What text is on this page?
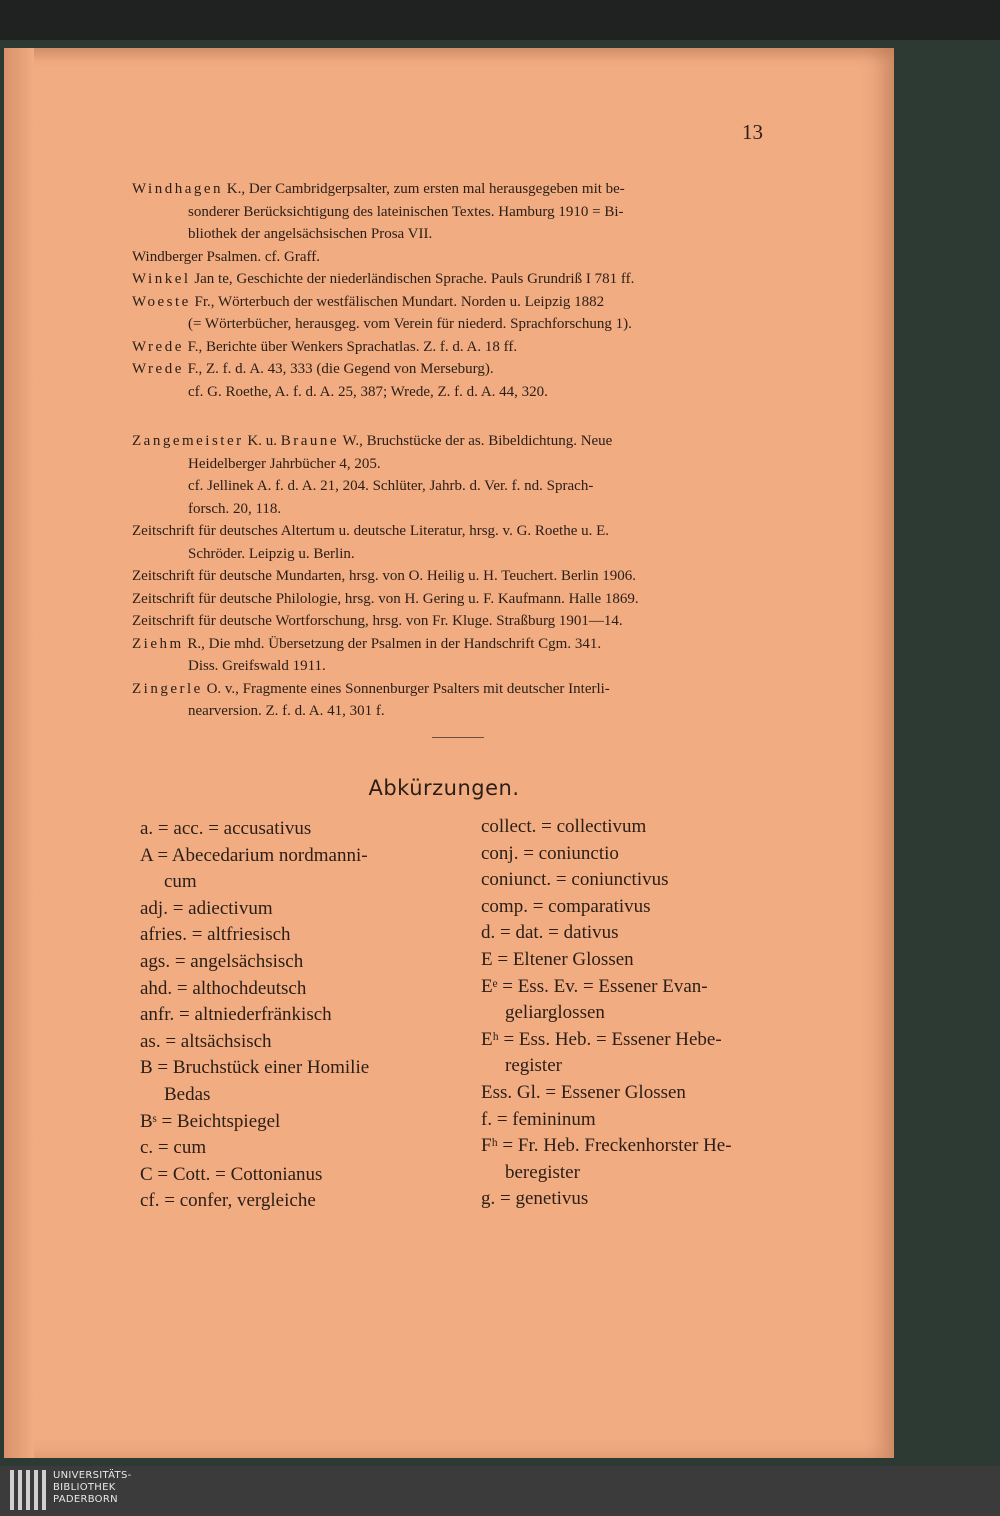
13
Windhagen K., Der Cambridgerpsalter, zum ersten mal herausgegeben mit be-
sonderer Berücksichtigung des lateinischen Textes. Hamburg 1910 = Bi-
bliothek der angelsächsischen Prosa VII.
Windberger Psalmen. cf. Graff.
Winkel Jan te, Geschichte der niederländischen Sprache. Pauls Grundriß I 781 ff.
Woeste Fr., Wörterbuch der westfälischen Mundart. Norden u. Leipzig 1882
(= Wörterbücher, herausgeg. vom Verein für niederd. Sprachforschung 1).
Wrede F., Berichte über Wenkers Sprachatlas. Z. f. d. A. 18 ff.
Wrede F., Z. f. d. A. 43, 333 (die Gegend von Merseburg).
cf. G. Roethe, A. f. d. A. 25, 387; Wrede, Z. f. d. A. 44, 320.
Zangemeister K. u. Braune W., Bruchstücke der as. Bibeldichtung. Neue
Heidelberger Jahrbücher 4, 205.
cf. Jellinek A. f. d. A. 21, 204. Schlüter, Jahrb. d. Ver. f. nd. Sprach-
forsch. 20, 118.
Zeitschrift für deutsches Altertum u. deutsche Literatur, hrsg. v. G. Roethe u. E.
Schröder. Leipzig u. Berlin.
Zeitschrift für deutsche Mundarten, hrsg. von O. Heilig u. H. Teuchert. Berlin 1906.
Zeitschrift für deutsche Philologie, hrsg. von H. Gering u. F. Kaufmann. Halle 1869.
Zeitschrift für deutsche Wortforschung, hrsg. von Fr. Kluge. Straßburg 1901—14.
Ziehm R., Die mhd. Übersetzung der Psalmen in der Handschrift Cgm. 341.
Diss. Greifswald 1911.
Zingerle O. v., Fragmente eines Sonnenburger Psalters mit deutscher Interli-
nearversion. Z. f. d. A. 41, 301 f.
Abkürzungen.
a. = acc. = accusativus
A = Abecedarium nordmanni-
cum
adj. = adiectivum
afries. = altfriesisch
ags. = angelsächsisch
ahd. = althochdeutsch
anfr. = altniederfränkisch
as. = altsächsisch
B = Bruchstück einer Homilie
Bedas
Bˢ = Beichtspiegel
c. = cum
C = Cott. = Cottonianus
cf. = confer, vergleiche
collect. = collectivum
conj. = coniunctio
coniunct. = coniunctivus
comp. = comparativus
d. = dat. = dativus
E = Eltener Glossen
Eᵉ = Ess. Ev. = Essener Evan-
geliarglossen
Eʰ = Ess. Heb. = Essener Hebe-
register
Ess. Gl. = Essener Glossen
f. = femininum
Fʰ = Fr. Heb. Freckenhorster He-
beregister
g. = genetivus
UNIVERSITÄTS-
BIBLIOTHEK
PADERBORN
